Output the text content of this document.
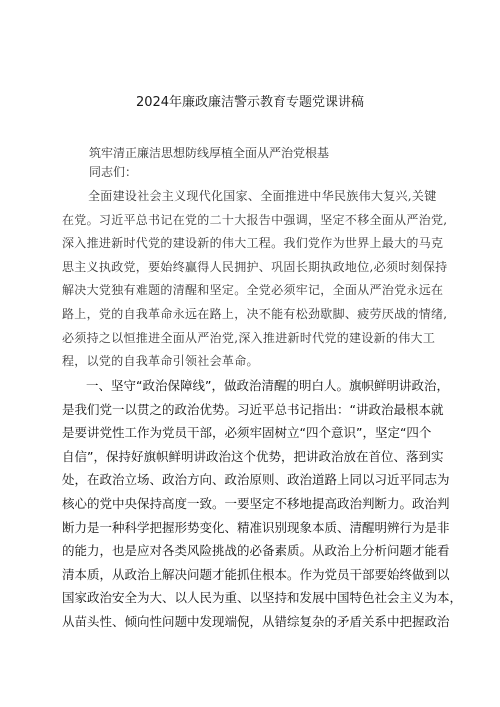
2024年廉政廉洁警示教育专题党课讲稿
筑牢清正廉洁思想防线厚植全面从严治党根基
同志们：
全面建设社会主义现代化国家、全面推进中华民族伟大复兴,关键
在党。习近平总书记在党的二十大报告中强调，坚定不移全面从严治党,
深入推进新时代党的建设新的伟大工程。我们党作为世界上最大的马克
思主义执政党，要始终赢得人民拥护、巩固长期执政地位,必须时刻保持
解决大党独有难题的清醒和坚定。全党必须牢记，全面从严治党永远在
路上，党的自我革命永远在路上，决不能有松劲歇脚、疲劳厌战的情绪,
必须持之以恒推进全面从严治党,深入推进新时代党的建设新的伟大工
程，以党的自我革命引领社会革命。
一、坚守“政治保障线”，做政治清醒的明白人。旗帜鲜明讲政治，
是我们党一以贯之的政治优势。习近平总书记指出：“讲政治最根本就
是要讲党性工作为党员干部，必须牢固树立“四个意识”，坚定“四个
自信”，保持好旗帜鲜明讲政治这个优势，把讲政治放在首位、落到实
处，在政治立场、政治方向、政治原则、政治道路上同以习近平同志为
核心的党中央保持高度一致。一要坚定不移地提高政治判断力。政治判
断力是一种科学把握形势变化、精准识别现象本质、清醒明辨行为是非
的能力，也是应对各类风险挑战的必备素质。从政治上分析问题才能看
清本质，从政治上解决问题才能抓住根本。作为党员干部要始终做到以
国家政治安全为大、以人民为重、以坚持和发展中国特色社会主义为本，
从苗头性、倾向性问题中发现端倪，从错综复杂的矛盾关系中把握政治
